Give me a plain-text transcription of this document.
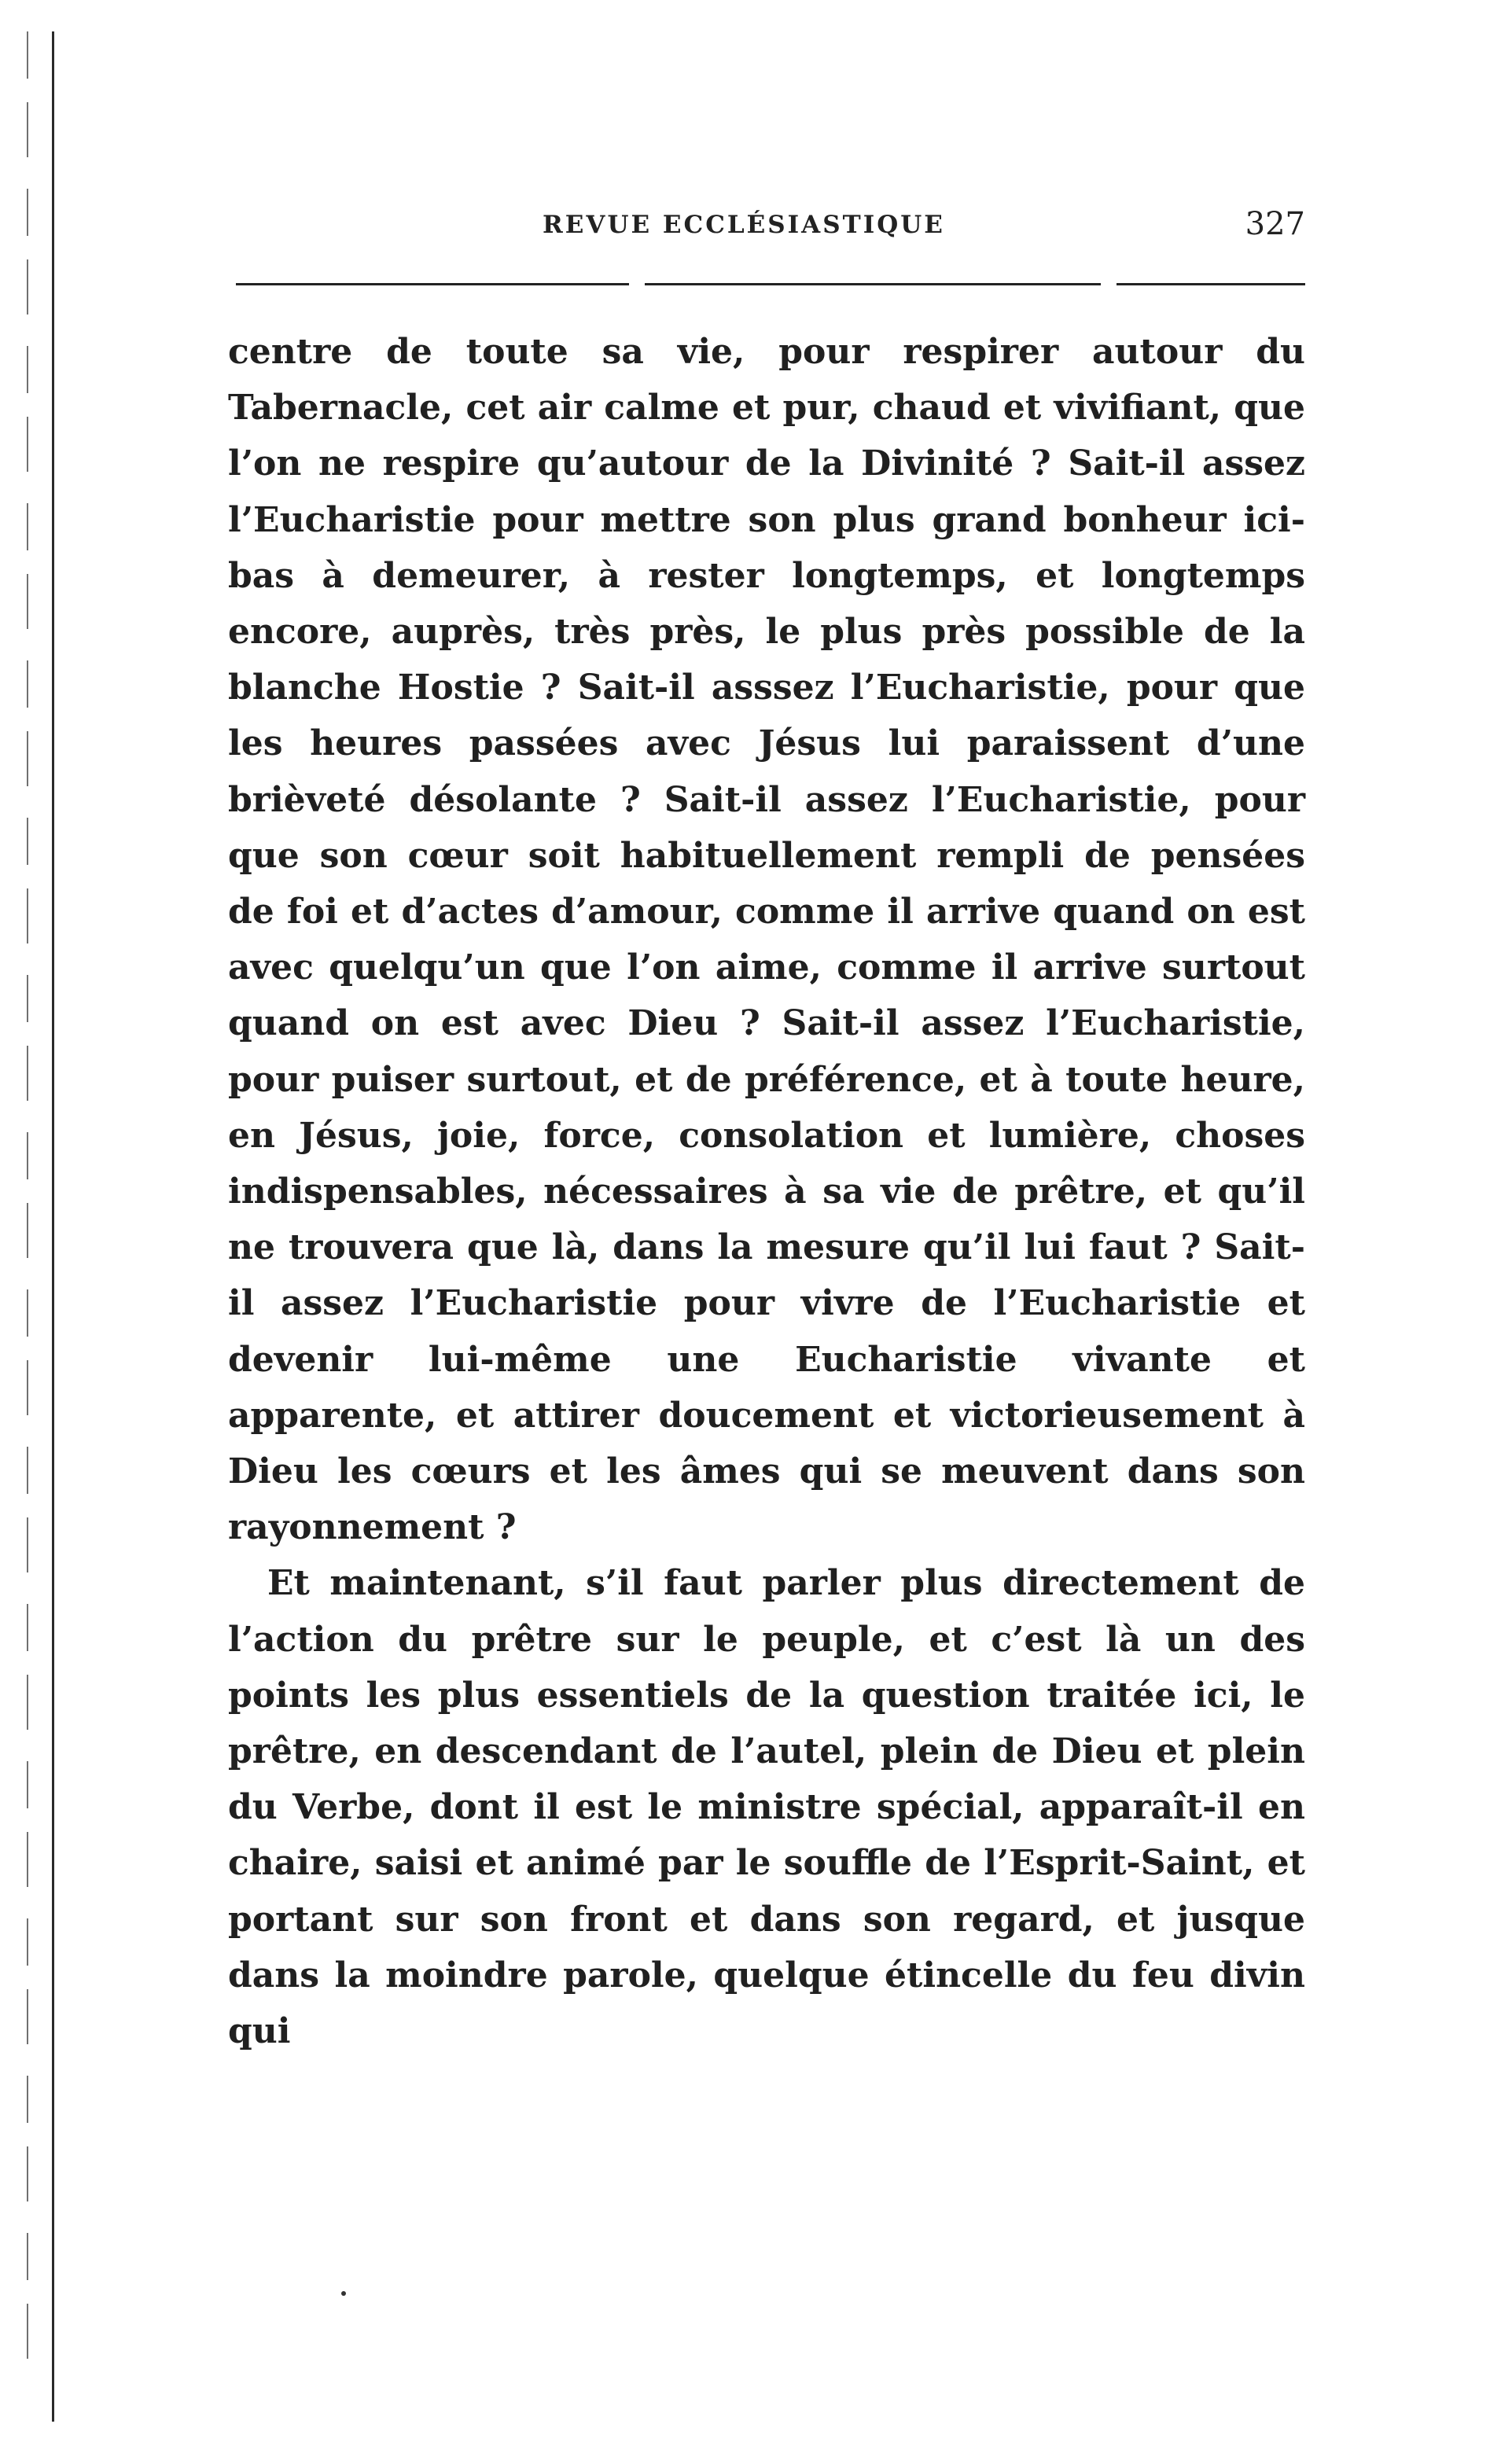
REVUE ECCLÉSIASTIQUE	327

centre de toute sa vie, pour respirer autour du Tabernacle, cet air calme et pur, chaud et vivifiant, que l’on ne respire qu’autour de la Divinité ? Sait-il assez l’Eucharistie pour mettre son plus grand bonheur ici-bas à demeurer, à rester longtemps, et longtemps encore, auprès, très près, le plus près possible de la blanche Hostie ? Sait-il asssez l’Eucharistie, pour que les heures passées avec Jésus lui paraissent d’une brièveté désolante ? Sait-il assez l’Eucharistie, pour que son cœur soit habituellement rempli de pensées de foi et d’actes d’amour, comme il arrive quand on est avec quelqu’un que l’on aime, comme il arrive surtout quand on est avec Dieu ? Sait-il assez l’Eucharistie, pour puiser surtout, et de préférence, et à toute heure, en Jésus, joie, force, consolation et lumière, choses indispensables, nécessaires à sa vie de prêtre, et qu’il ne trouvera que là, dans la mesure qu’il lui faut ? Sait-il assez l’Eucharistie pour vivre de l’Eucharistie et devenir lui-même une Eucharistie vivante et apparente, et attirer doucement et victorieusement à Dieu les cœurs et les âmes qui se meuvent dans son rayonnement ?

Et maintenant, s’il faut parler plus directement de l’action du prêtre sur le peuple, et c’est là un des points les plus essentiels de la question traitée ici, le prêtre, en descendant de l’autel, plein de Dieu et plein du Verbe, dont il est le ministre spécial, apparaît-il en chaire, saisi et animé par le souffle de l’Esprit-Saint, et portant sur son front et dans son regard, et jusque dans la moindre parole, quelque étincelle du feu divin qui
